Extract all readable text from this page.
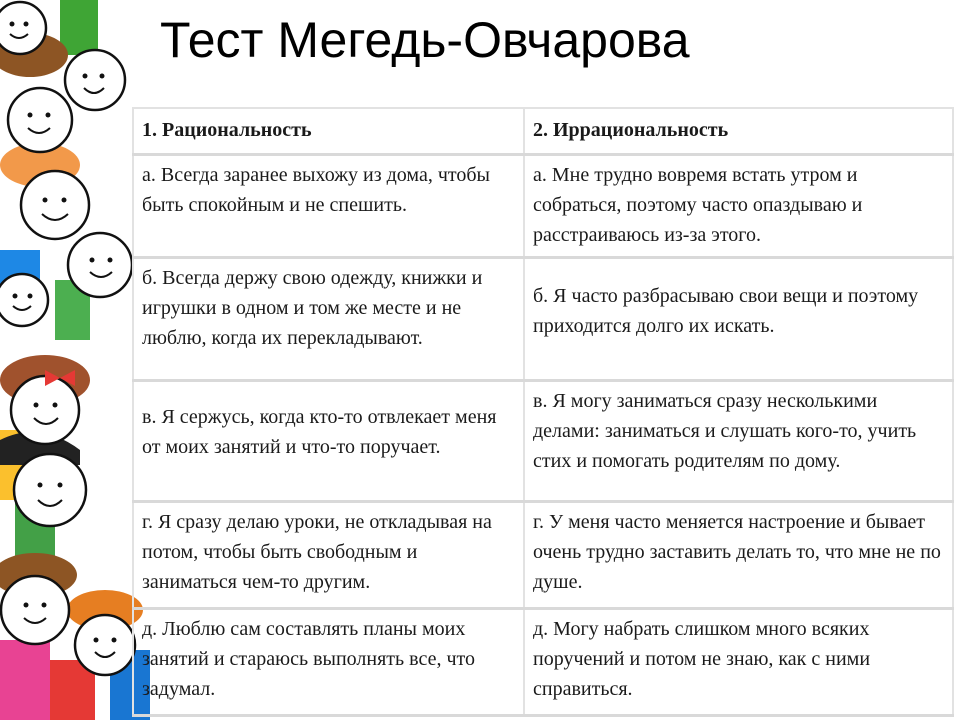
Тест Мегедь-Овчарова
1. Рациональность	2. Иррациональность
а. Всегда заранее выхожу из дома, чтобы быть спокойным и не спешить.	а. Мне трудно вовремя встать утром и собраться, поэтому часто опаздываю и расстраиваюсь из-за этого.
б. Всегда держу свою одежду, книжки и игрушки в одном и том же месте и не люблю, когда их перекладывают.	б. Я часто разбрасываю свои вещи и поэтому приходится долго их искать.
в. Я сержусь, когда кто-то отвлекает меня от моих занятий и что-то поручает.	в. Я могу заниматься сразу несколькими делами: заниматься и слушать кого-то, учить стих и помогать родителям по дому.
г. Я сразу делаю уроки, не откладывая на потом, чтобы быть свободным и заниматься чем-то другим.	г. У меня часто меняется настроение и бывает очень трудно заставить делать то, что мне не по душе.
д. Люблю сам составлять планы моих занятий и стараюсь выполнять все, что задумал.	д. Могу набрать слишком много всяких поручений и потом не знаю, как с ними справиться.
